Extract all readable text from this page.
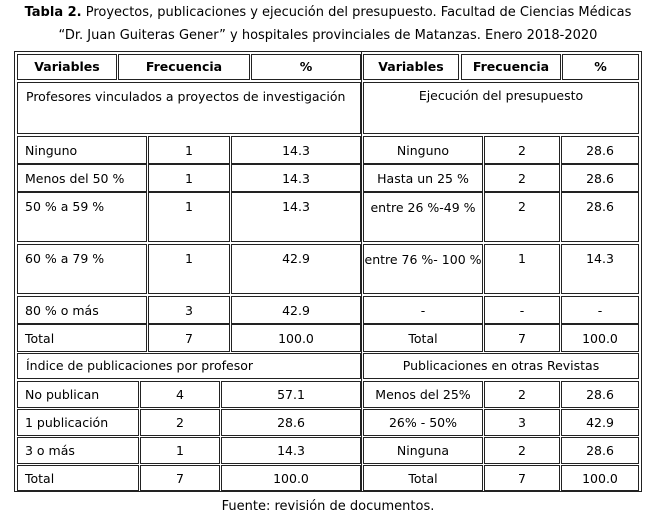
Tabla 2. Proyectos, publicaciones y ejecución del presupuesto. Facultad de Ciencias Médicas
“Dr. Juan Guiteras Gener” y hospitales provinciales de Matanzas. Enero 2018-2020
Variables	Frecuencia	%	Variables	Frecuencia	%
Profesores vinculados a proyectos de investigación	Ejecución del presupuesto
Ninguno	1	14.3	Ninguno	2	28.6
Menos del 50 %	1	14.3	Hasta un 25 %	2	28.6
50 % a 59 %	1	14.3	entre 26 %-49 %	2	28.6
60 % a 79 %	1	42.9	entre 76 %- 100 %	1	14.3
80 % o más	3	42.9	-	-	-
Total	7	100.0	Total	7	100.0
Índice de publicaciones por profesor	Publicaciones en otras Revistas
No publican	4	57.1	Menos del 25%	2	28.6
1 publicación	2	28.6	26% - 50%	3	42.9
3 o más	1	14.3	Ninguna	2	28.6
Total	7	100.0	Total	7	100.0
Fuente: revisión de documentos.
